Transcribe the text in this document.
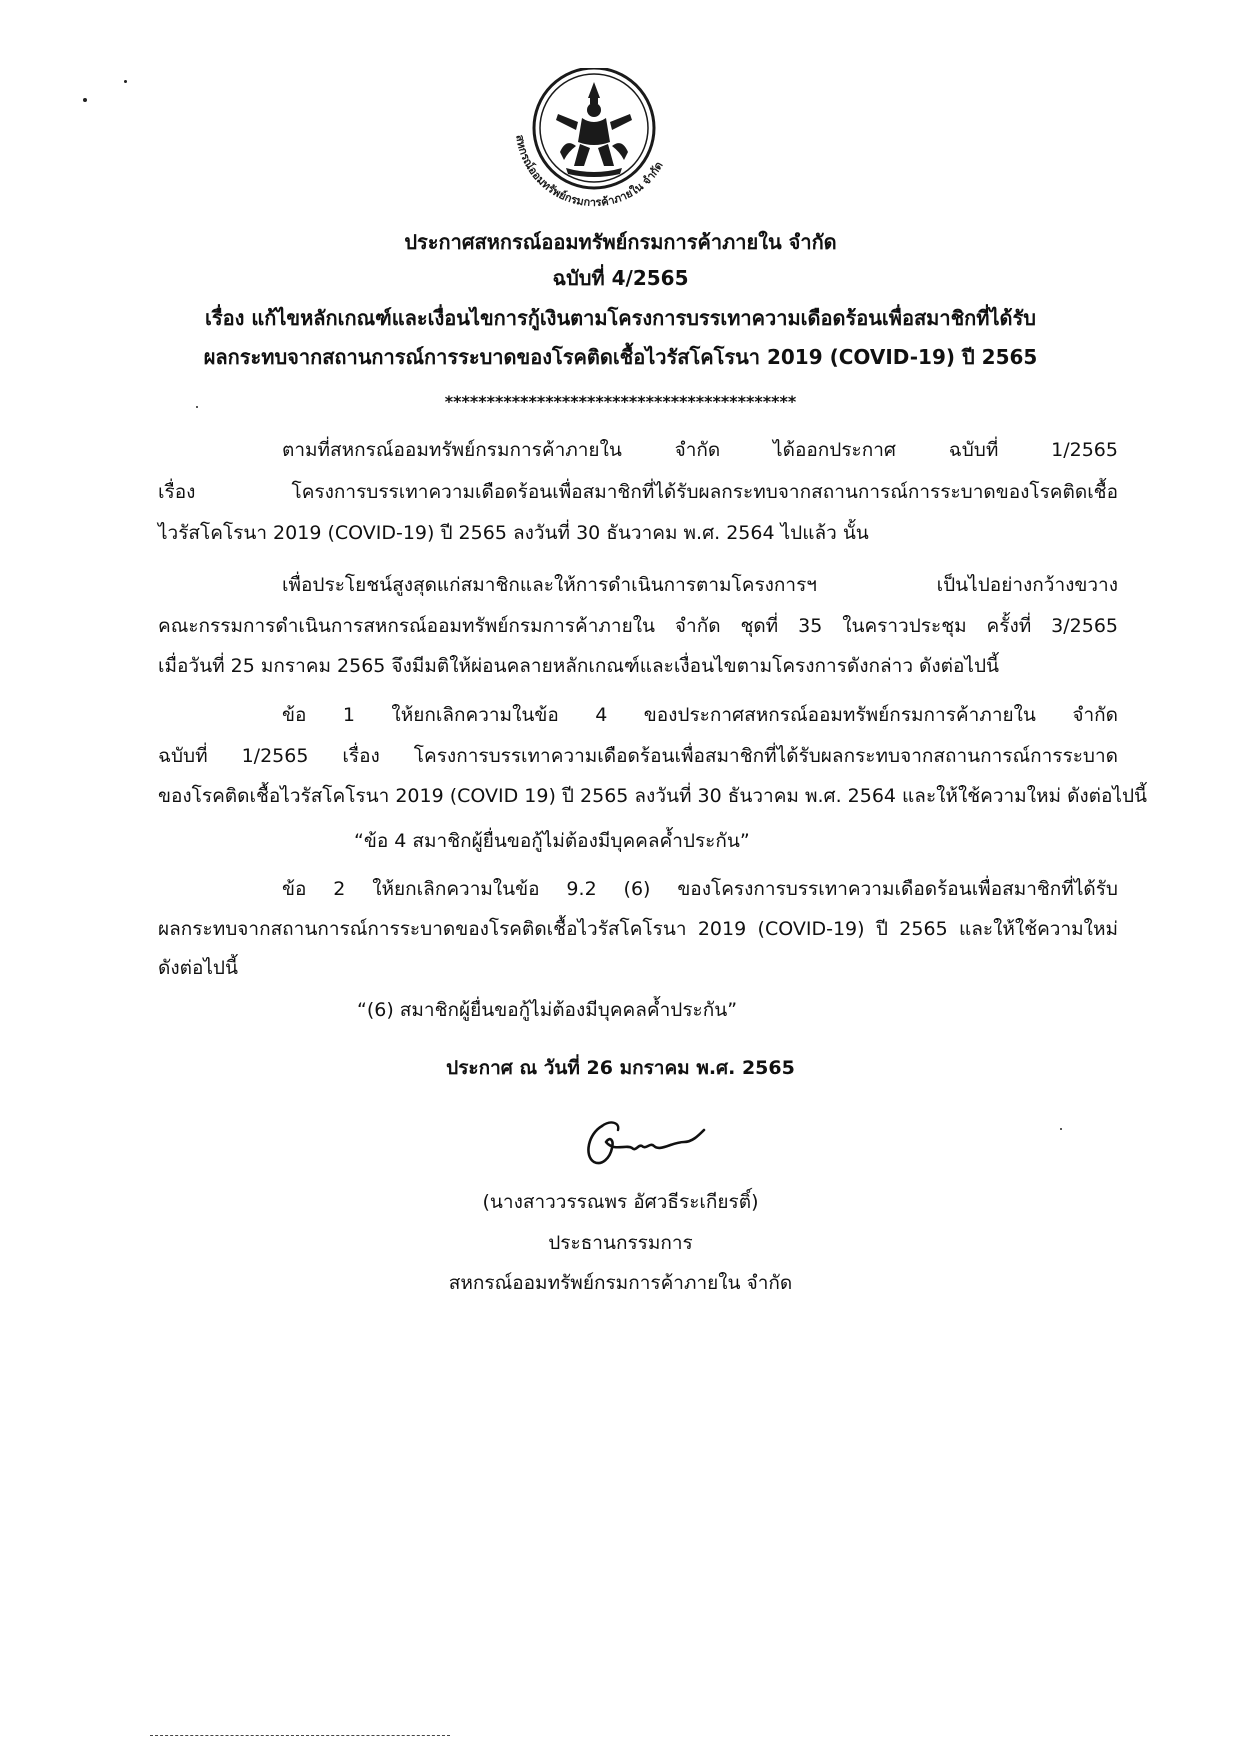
สหกรณ์ออมทรัพย์กรมการค้าภายใน จำกัด
ประกาศสหกรณ์ออมทรัพย์กรมการค้าภายใน จำกัด
ฉบับที่ 4/2565
เรื่อง แก้ไขหลักเกณฑ์และเงื่อนไขการกู้เงินตามโครงการบรรเทาความเดือดร้อนเพื่อสมาชิกที่ได้รับ
ผลกระทบจากสถานการณ์การระบาดของโรคติดเชื้อไวรัสโคโรนา 2019 (COVID-19) ปี 2565
******************************************
ตามที่สหกรณ์ออมทรัพย์กรมการค้าภายใน จำกัด ได้ออกประกาศ ฉบับที่ 1/2565
เรื่อง โครงการบรรเทาความเดือดร้อนเพื่อสมาชิกที่ได้รับผลกระทบจากสถานการณ์การระบาดของโรคติดเชื้อ
ไวรัสโคโรนา 2019 (COVID-19) ปี 2565 ลงวันที่ 30 ธันวาคม พ.ศ. 2564 ไปแล้ว นั้น
เพื่อประโยชน์สูงสุดแก่สมาชิกและให้การดำเนินการตามโครงการฯ เป็นไปอย่างกว้างขวาง
คณะกรรมการดำเนินการสหกรณ์ออมทรัพย์กรมการค้าภายใน จำกัด ชุดที่ 35 ในคราวประชุม ครั้งที่ 3/2565
เมื่อวันที่ 25 มกราคม 2565 จึงมีมติให้ผ่อนคลายหลักเกณฑ์และเงื่อนไขตามโครงการดังกล่าว ดังต่อไปนี้
ข้อ 1 ให้ยกเลิกความในข้อ 4 ของประกาศสหกรณ์ออมทรัพย์กรมการค้าภายใน จำกัด
ฉบับที่ 1/2565 เรื่อง โครงการบรรเทาความเดือดร้อนเพื่อสมาชิกที่ได้รับผลกระทบจากสถานการณ์การระบาด
ของโรคติดเชื้อไวรัสโคโรนา 2019 (COVID 19) ปี 2565 ลงวันที่ 30 ธันวาคม พ.ศ. 2564 และให้ใช้ความใหม่ ดังต่อไปนี้
“ข้อ 4 สมาชิกผู้ยื่นขอกู้ไม่ต้องมีบุคคลค้ำประกัน”
ข้อ 2 ให้ยกเลิกความในข้อ 9.2 (6) ของโครงการบรรเทาความเดือดร้อนเพื่อสมาชิกที่ได้รับ
ผลกระทบจากสถานการณ์การระบาดของโรคติดเชื้อไวรัสโคโรนา 2019 (COVID-19) ปี 2565 และให้ใช้ความใหม่
ดังต่อไปนี้
“(6) สมาชิกผู้ยื่นขอกู้ไม่ต้องมีบุคคลค้ำประกัน”
ประกาศ ณ วันที่ 26 มกราคม พ.ศ. 2565
(นางสาววรรณพร อัศวธีระเกียรติ์)
ประธานกรรมการ
สหกรณ์ออมทรัพย์กรมการค้าภายใน จำกัด
